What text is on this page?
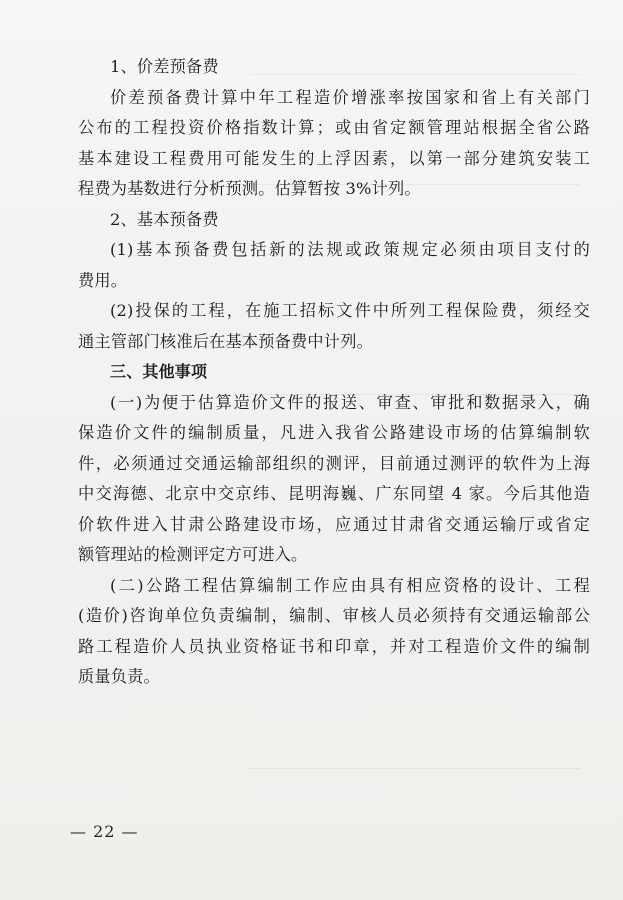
1、价差预备费
价差预备费计算中年工程造价增涨率按国家和省上有关部门
公布的工程投资价格指数计算；或由省定额管理站根据全省公路
基本建设工程费用可能发生的上浮因素，以第一部分建筑安装工
程费为基数进行分析预测。估算暂按 3%计列。
2、基本预备费
(1)基本预备费包括新的法规或政策规定必须由项目支付的
费用。
(2)投保的工程，在施工招标文件中所列工程保险费，须经交
通主管部门核准后在基本预备费中计列。
三、其他事项
(一)为便于估算造价文件的报送、审查、审批和数据录入，确
保造价文件的编制质量，凡进入我省公路建设市场的估算编制软
件，必须通过交通运输部组织的测评，目前通过测评的软件为上海
中交海德、北京中交京纬、昆明海巍、广东同望 4 家。今后其他造
价软件进入甘肃公路建设市场，应通过甘肃省交通运输厅或省定
额管理站的检测评定方可进入。
(二)公路工程估算编制工作应由具有相应资格的设计、工程
(造价)咨询单位负责编制，编制、审核人员必须持有交通运输部公
路工程造价人员执业资格证书和印章，并对工程造价文件的编制
质量负责。
— 22 —
